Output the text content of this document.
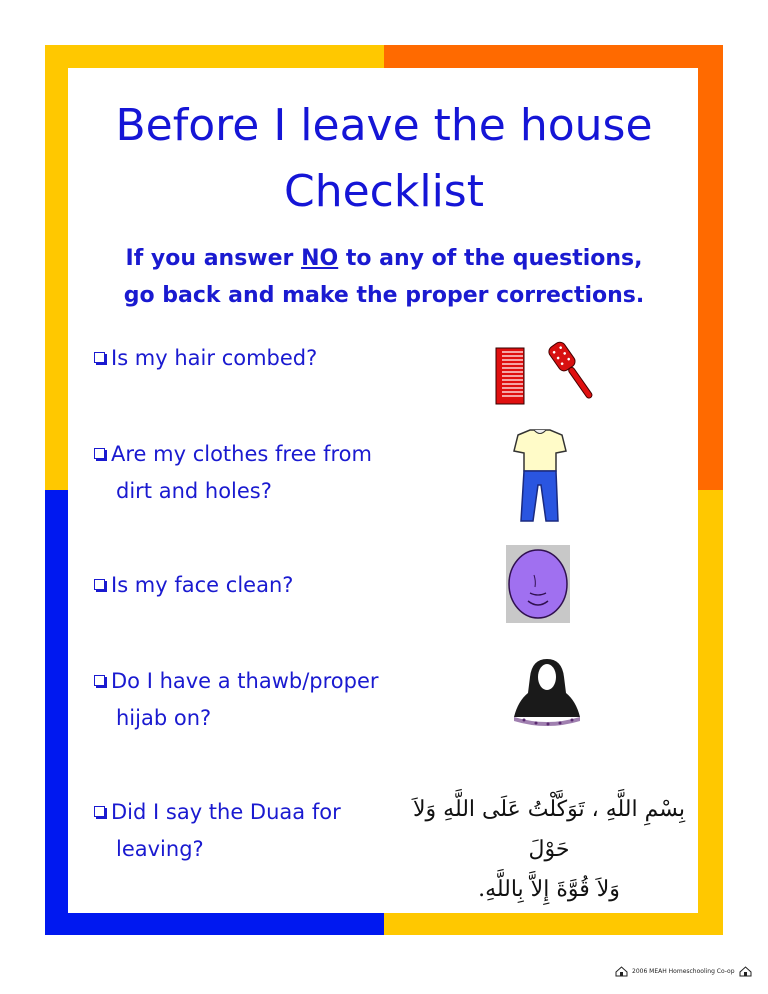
Before I leave the house
Checklist
If you answer NO to any of the questions,
go back and make the proper corrections.
Is my hair combed?
Are my clothes free from
dirt and holes?
Is my face clean?
Do I have a thawb/proper
hijab on?
Did I say the Duaa for
leaving?
بِسْمِ اللَّهِ ، تَوَكَّلْتُ عَلَى اللَّهِ وَلاَ حَوْلَ
وَلاَ قُوَّةَ إِلاَّ بِاللَّهِ.
2006 MEAH Homeschooling Co-op
